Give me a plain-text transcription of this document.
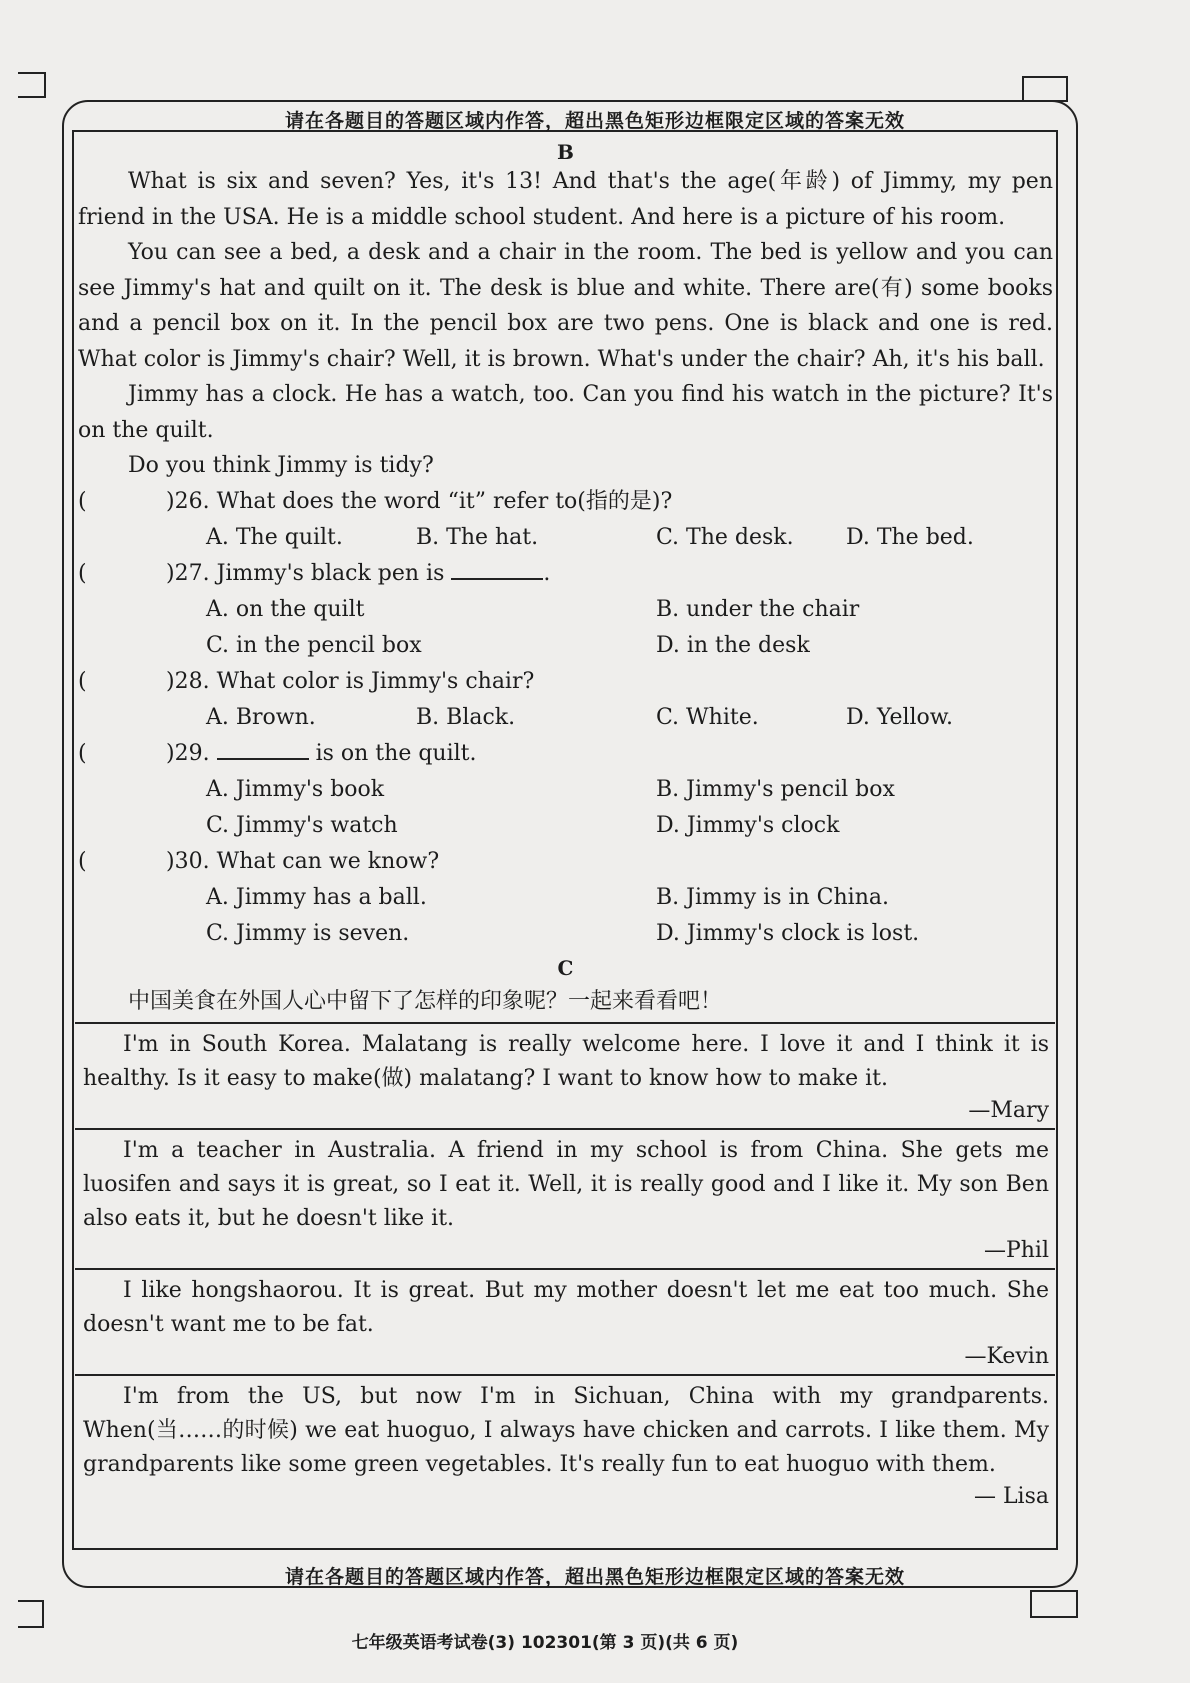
请在各题目的答题区域内作答，超出黑色矩形边框限定区域的答案无效

B

What is six and seven? Yes, it's 13! And that's the age(年龄) of Jimmy, my pen friend in the USA. He is a middle school student. And here is a picture of his room.

You can see a bed, a desk and a chair in the room. The bed is yellow and you can see Jimmy's hat and quilt on it. The desk is blue and white. There are(有) some books and a pencil box on it. In the pencil box are two pens. One is black and one is red. What color is Jimmy's chair? Well, it is brown. What's under the chair? Ah, it's his ball.

Jimmy has a clock. He has a watch, too. Can you find his watch in the picture? It's on the quilt.

Do you think Jimmy is tidy?

(	)26. What does the word “it” refer to(指的是)?
A. The quilt.	B. The hat.	C. The desk. D. The bed.
(	)27. Jimmy's black pen is	.
A. on the quilt	B. under the chair
C. in the pencil box	D. in the desk
(	)28. What color is Jimmy's chair?
A. Brown.	B. Black.	C. White.	D. Yellow.
(	)29.	is on the quilt.
A. Jimmy's book	B. Jimmy's pencil box
C. Jimmy's watch	D. Jimmy's clock
(	)30. What can we know?
A. Jimmy has a ball.	B. Jimmy is in China.
C. Jimmy is seven.	D. Jimmy's clock is lost.

C

中国美食在外国人心中留下了怎样的印象呢？一起来看看吧！

I'm in South Korea. Malatang is really welcome here. I love it and I think it is healthy. Is it easy to make(做) malatang? I want to know how to make it.

—Mary

I'm a teacher in Australia. A friend in my school is from China. She gets me luosifen and says it is great, so I eat it. Well, it is really good and I like it. My son Ben also eats it, but he doesn't like it.

—Phil

I like hongshaorou. It is great. But my mother doesn't let me eat too much. She doesn't want me to be fat.

—Kevin

I'm from the US, but now I'm in Sichuan, China with my grandparents. When(当……的时候) we eat huoguo, I always have chicken and carrots. I like them. My grandparents like some green vegetables. It's really fun to eat huoguo with them.

— Lisa
请在各题目的答题区域内作答，超出黑色矩形边框限定区域的答案无效
七年级英语考试卷(3) 102301(第 3 页)(共 6 页)
